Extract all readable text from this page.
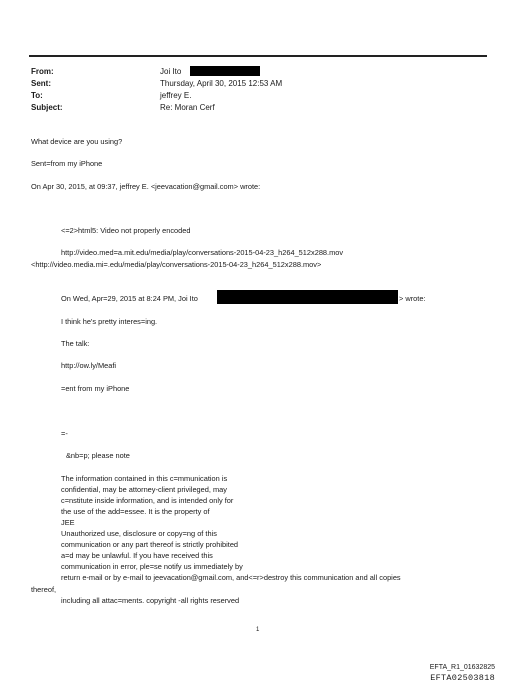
From:
Sent:
To:
Subject:
Joi Ito
Thursday, April 30, 2015 12:53 AM
jeffrey E.
Re: Moran Cerf
What device are you using?
Sent=from my iPhone
On Apr 30, 2015, at 09:37, jeffrey E. <jeevacation@gmail.com> wrote:
<=2>html5: Video not properly encoded
http://video.med=a.mit.edu/media/play/conversations-2015-04-23_h264_512x288.mov
<http://video.media.mi=.edu/media/play/conversations-2015-04-23_h264_512x288.mov>
On Wed, Apr=29, 2015 at 8:24 PM, Joi Ito	> wrote:
I think he's pretty interes=ing.
The talk:
http://ow.ly/Meafi
=ent from my iPhone
=-
&nb=p; please note
The information contained in this c=mmunication is
confidential, may be attorney-client privileged, may
c=nstitute inside information, and is intended only for
the use of the add=essee. It is the property of
JEE
Unauthorized use, disclosure or copy=ng of this
communication or any part thereof is strictly prohibited
a=d may be unlawful. If you have received this
communication in error, ple=se notify us immediately by
return e-mail or by e-mail to jeevacation@gmail.com, and<=r>destroy this communication and all copies
thereof,
including all attac=ments. copyright -all rights reserved
1
EFTA_R1_01632825
EFTA02503818
